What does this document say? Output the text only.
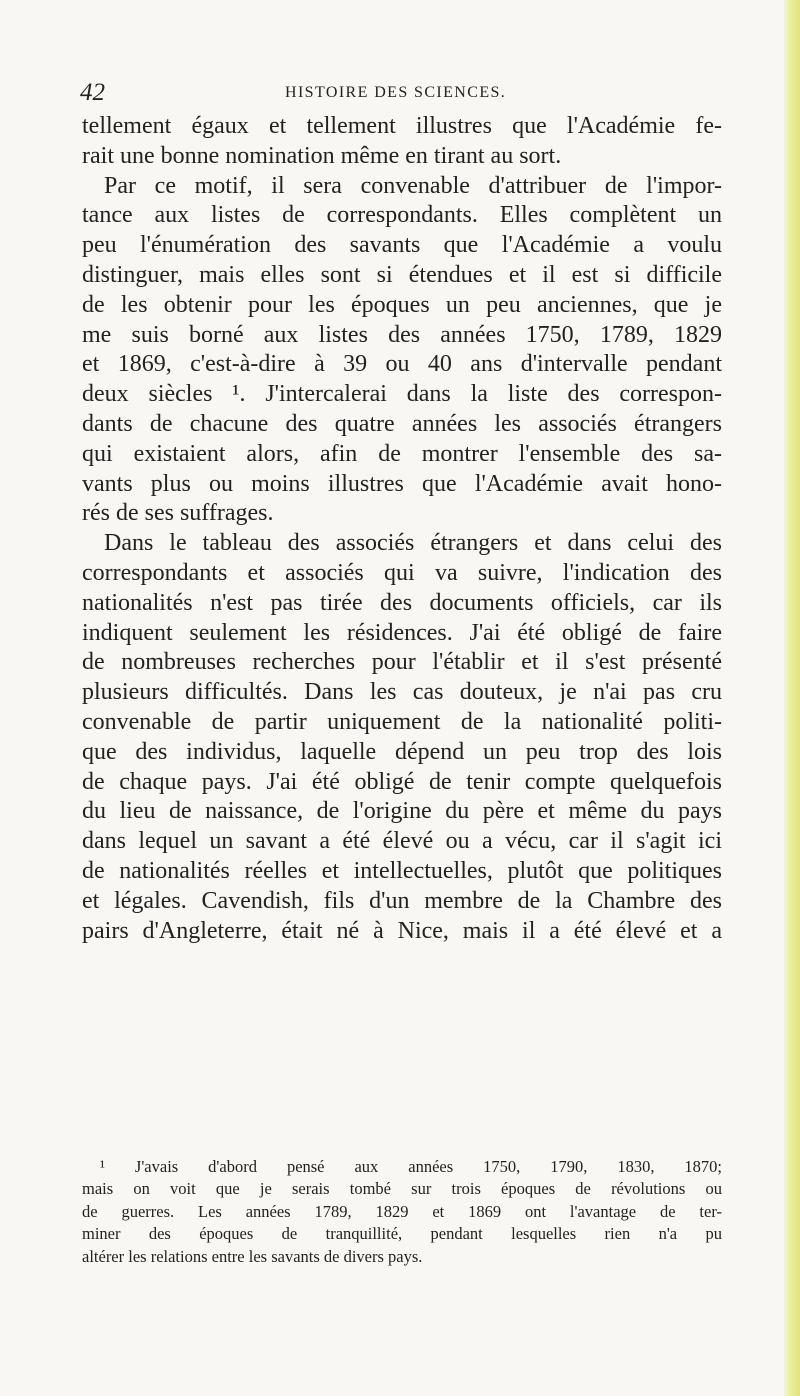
42	HISTOIRE DES SCIENCES.
tellement égaux et tellement illustres que l'Académie fe-
rait une bonne nomination même en tirant au sort.
Par ce motif, il sera convenable d'attribuer de l'impor-
tance aux listes de correspondants. Elles complètent un
peu l'énumération des savants que l'Académie a voulu
distinguer, mais elles sont si étendues et il est si difficile
de les obtenir pour les époques un peu anciennes, que je
me suis borné aux listes des années 1750, 1789, 1829
et 1869, c'est-à-dire à 39 ou 40 ans d'intervalle pendant
deux siècles ¹. J'intercalerai dans la liste des correspon-
dants de chacune des quatre années les associés étrangers
qui existaient alors, afin de montrer l'ensemble des sa-
vants plus ou moins illustres que l'Académie avait hono-
rés de ses suffrages.
Dans le tableau des associés étrangers et dans celui des
correspondants et associés qui va suivre, l'indication des
nationalités n'est pas tirée des documents officiels, car ils
indiquent seulement les résidences. J'ai été obligé de faire
de nombreuses recherches pour l'établir et il s'est présenté
plusieurs difficultés. Dans les cas douteux, je n'ai pas cru
convenable de partir uniquement de la nationalité politi-
que des individus, laquelle dépend un peu trop des lois
de chaque pays. J'ai été obligé de tenir compte quelquefois
du lieu de naissance, de l'origine du père et même du pays
dans lequel un savant a été élevé ou a vécu, car il s'agit ici
de nationalités réelles et intellectuelles, plutôt que politiques
et légales. Cavendish, fils d'un membre de la Chambre des
pairs d'Angleterre, était né à Nice, mais il a été élevé et a
¹ J'avais d'abord pensé aux années 1750, 1790, 1830, 1870;
mais on voit que je serais tombé sur trois époques de révolutions ou
de guerres. Les années 1789, 1829 et 1869 ont l'avantage de ter-
miner des époques de tranquillité, pendant lesquelles rien n'a pu
altérer les relations entre les savants de divers pays.
